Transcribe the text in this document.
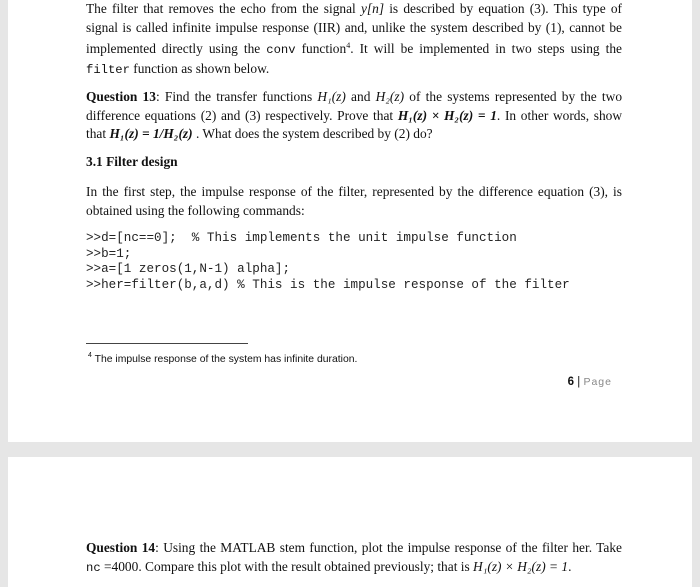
The filter that removes the echo from the signal y[n] is described by equation (3). This type of signal is called infinite impulse response (IIR) and, unlike the system described by (1), cannot be implemented directly using the conv function$^4$. It will be implemented in two steps using the filter function as shown below.
Question 13: Find the transfer functions H₁(z) and H₂(z) of the systems represented by the two difference equations (2) and (3) respectively. Prove that H₁(z) × H₂(z) = 1. In other words, show that H₁(z) = 1/H₂(z) . What does the system described by (2) do?
3.1 Filter design
In the first step, the impulse response of the filter, represented by the difference equation (3), is obtained using the following commands:
>>d=[nc==0];  % This implements the unit impulse function
>>b=1;
>>a=[1 zeros(1,N-1) alpha];
>>her=filter(b,a,d) % This is the impulse response of the filter
$^4$ The impulse response of the system has infinite duration.
6 | Page
Question 14: Using the MATLAB stem function, plot the impulse response of the filter her. Take nc =4000. Compare this plot with the result obtained previously; that is H₁(z) × H₂(z) = 1.
